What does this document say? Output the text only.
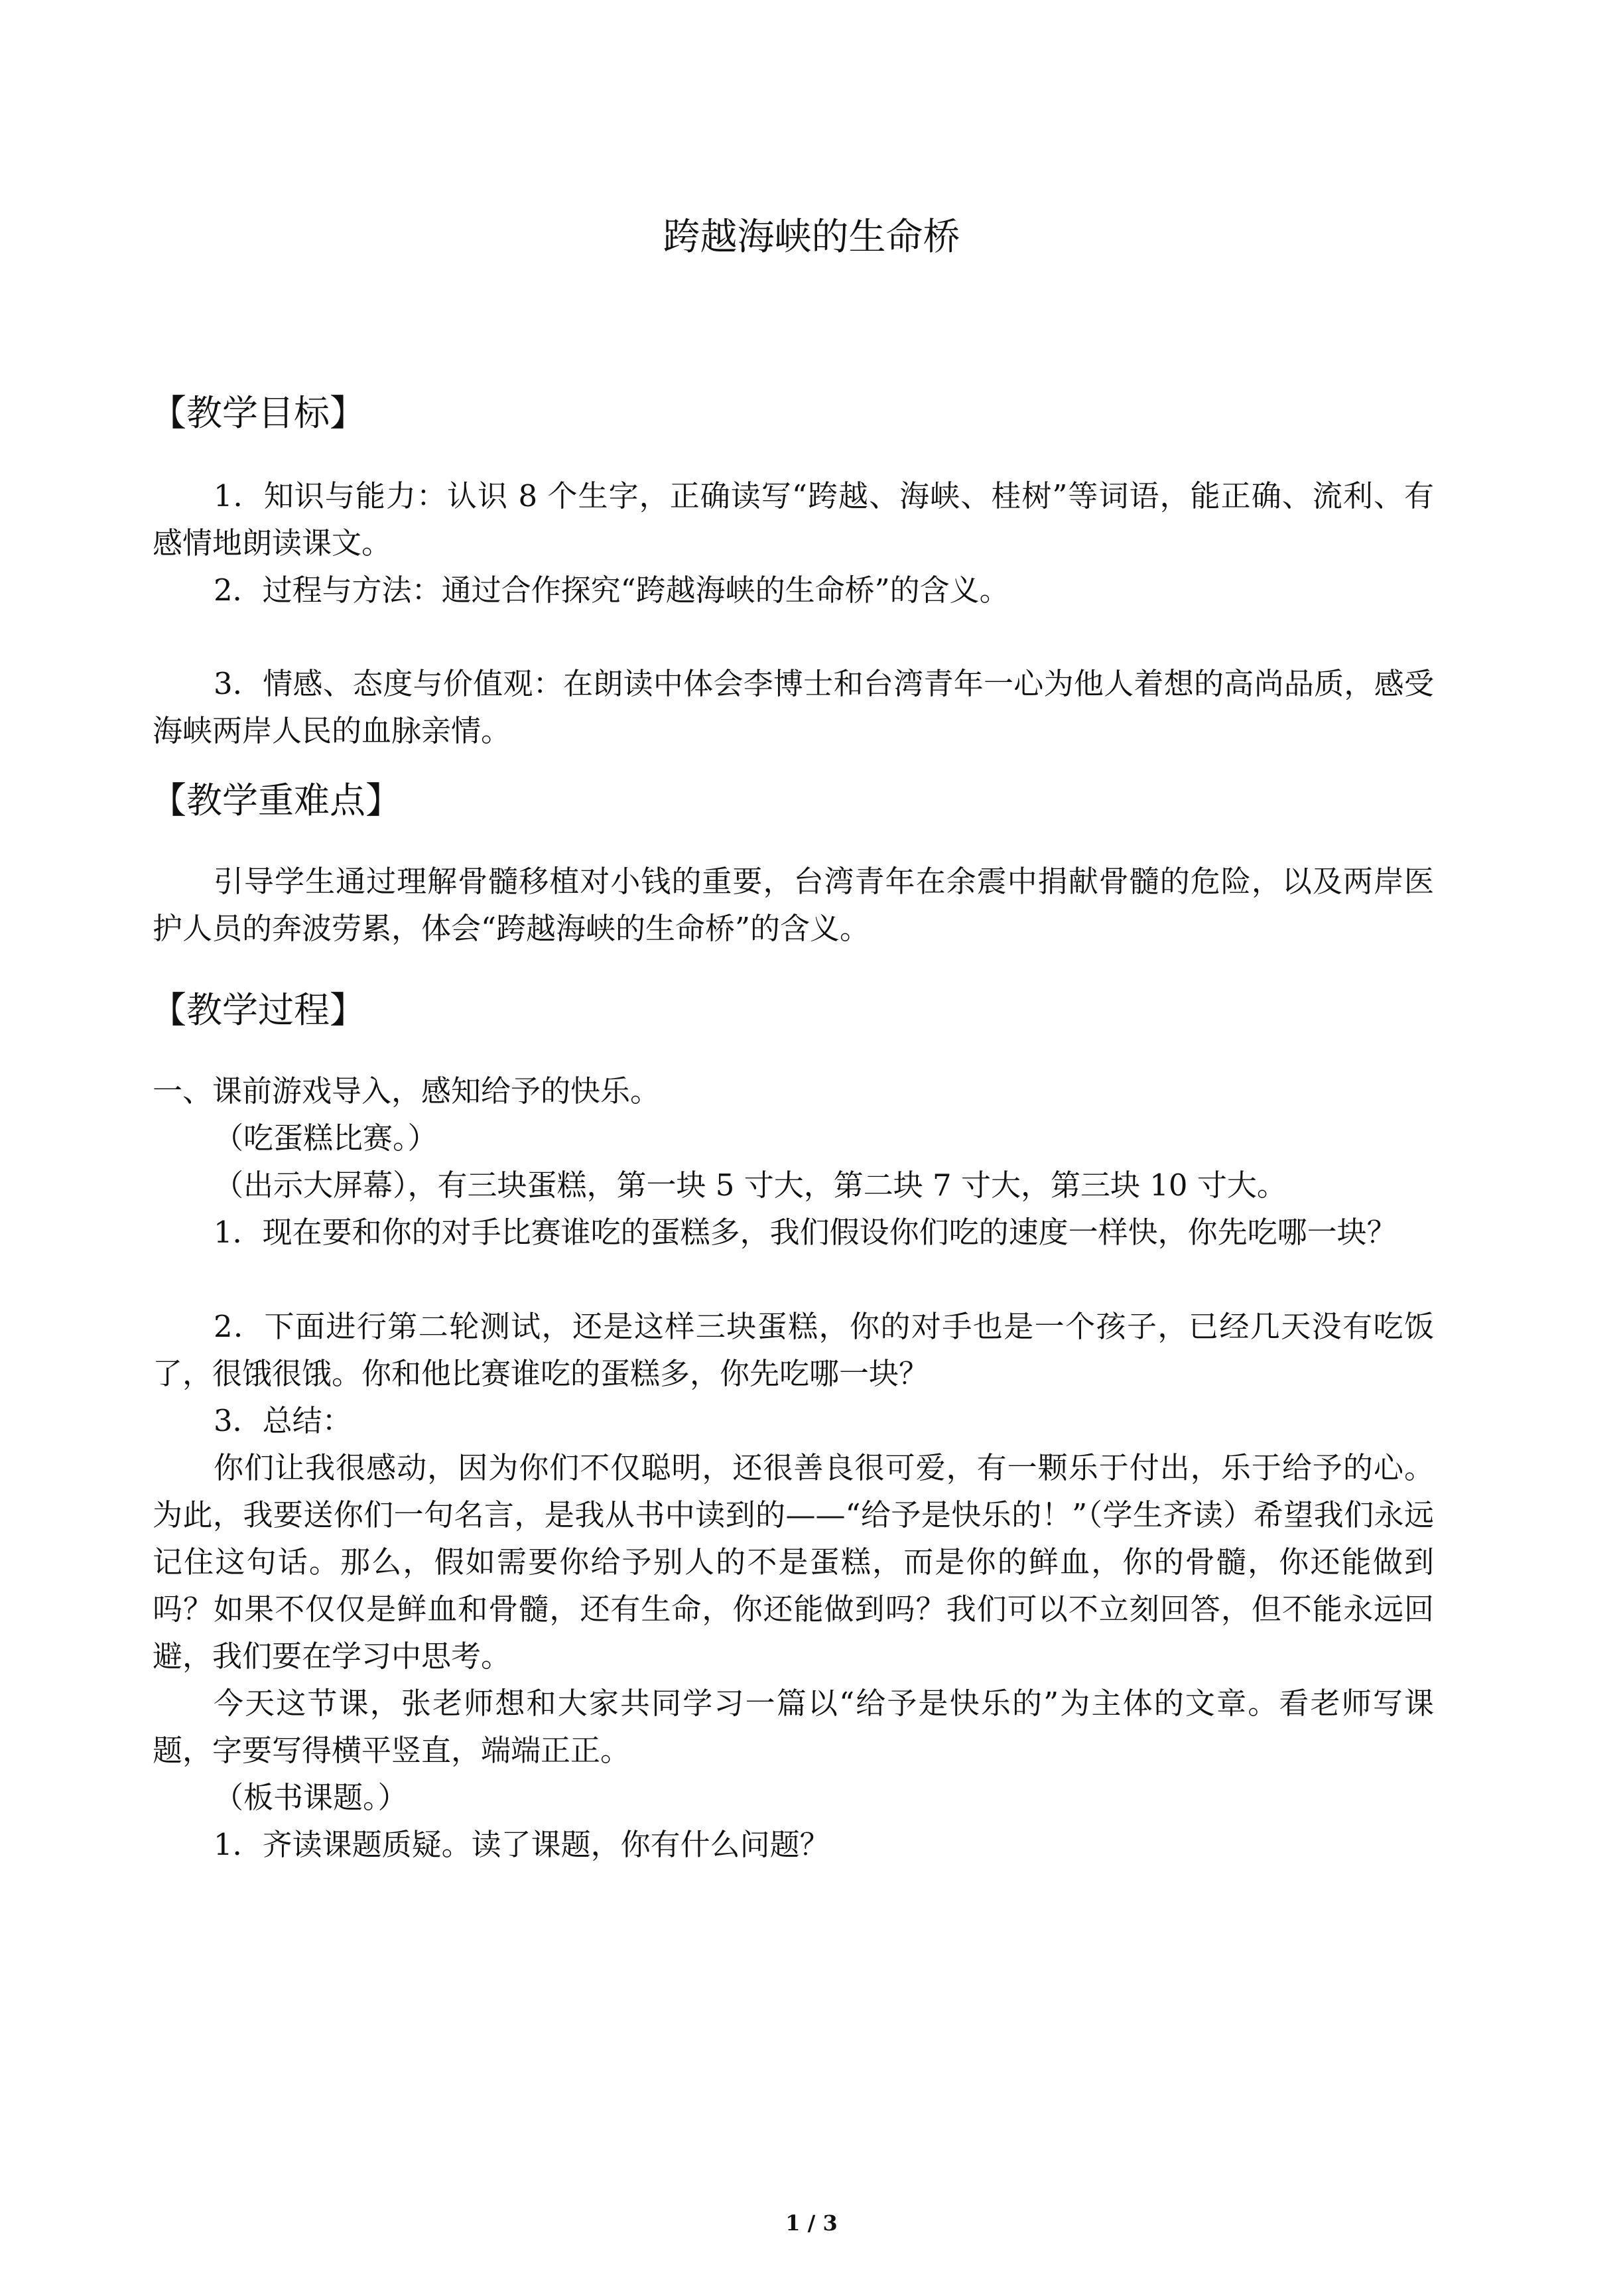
跨越海峡的生命桥
【教学目标】

1．知识与能力：认识 8 个生字，正确读写“跨越、海峡、桂树”等词语，能正确、流利、有感情地朗读课文。

2．过程与方法：通过合作探究“跨越海峡的生命桥”的含义。

3．情感、态度与价值观：在朗读中体会李博士和台湾青年一心为他人着想的高尚品质，感受海峡两岸人民的血脉亲情。

【教学重难点】

引导学生通过理解骨髓移植对小钱的重要，台湾青年在余震中捐献骨髓的危险，以及两岸医护人员的奔波劳累，体会“跨越海峡的生命桥”的含义。

【教学过程】

一、课前游戏导入，感知给予的快乐。

（吃蛋糕比赛。）

（出示大屏幕），有三块蛋糕，第一块 5 寸大，第二块 7 寸大，第三块 10 寸大。

1．现在要和你的对手比赛谁吃的蛋糕多，我们假设你们吃的速度一样快，你先吃哪一块？

2．下面进行第二轮测试，还是这样三块蛋糕，你的对手也是一个孩子，已经几天没有吃饭了，很饿很饿。你和他比赛谁吃的蛋糕多，你先吃哪一块？

3．总结：

你们让我很感动，因为你们不仅聪明，还很善良很可爱，有一颗乐于付出，乐于给予的心。为此，我要送你们一句名言，是我从书中读到的——“给予是快乐的！”（学生齐读）希望我们永远记住这句话。那么，假如需要你给予别人的不是蛋糕，而是你的鲜血，你的骨髓，你还能做到吗？如果不仅仅是鲜血和骨髓，还有生命，你还能做到吗？我们可以不立刻回答，但不能永远回避，我们要在学习中思考。

今天这节课，张老师想和大家共同学习一篇以“给予是快乐的”为主体的文章。看老师写课题，字要写得横平竖直，端端正正。

（板书课题。）

1．齐读课题质疑。读了课题，你有什么问题？

1 / 3
